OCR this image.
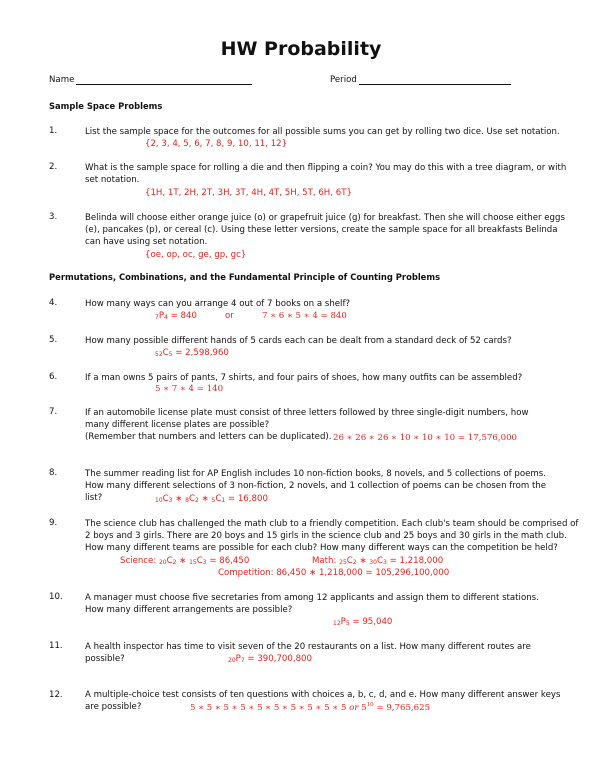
HW Probability
Name	Period
Sample Space Problems
1.	List the sample space for the outcomes for all possible sums you can get by rolling two dice. Use set notation.
{2, 3, 4, 5, 6, 7, 8, 9, 10, 11, 12}
2.	What is the sample space for rolling a die and then flipping a coin? You may do this with a tree diagram, or with set notation.
{1H, 1T, 2H, 2T, 3H, 3T, 4H, 4T, 5H, 5T, 6H, 6T}
3.	Belinda will choose either orange juice (o) or grapefruit juice (g) for breakfast. Then she will choose either eggs (e), pancakes (p), or cereal (c). Using these letter versions, create the sample space for all breakfasts Belinda can have using set notation.
{oe, op, oc, ge, gp, gc}
Permutations, Combinations, and the Fundamental Principle of Counting Problems
4.	How many ways can you arrange 4 out of 7 books on a shelf?
7P4 = 840	or	7 ∗ 6 ∗ 5 ∗ 4 = 840
5.	How many possible different hands of 5 cards each can be dealt from a standard deck of 52 cards?
52C5 = 2,598,960
6.	If a man owns 5 pairs of pants, 7 shirts, and four pairs of shoes, how many outfits can be assembled?
5 ∗ 7 ∗ 4 = 140
7.	If an automobile license plate must consist of three letters followed by three single-digit numbers, how many different license plates are possible?
(Remember that numbers and letters can be duplicated). 26 ∗ 26 ∗ 26 ∗ 10 ∗ 10 ∗ 10 = 17,576,000
8.	The summer reading list for AP English includes 10 non-fiction books, 8 novels, and 5 collections of poems. How many different selections of 3 non-fiction, 2 novels, and 1 collection of poems can be chosen from the list?	10C3 ∗ 8C2 ∗ 5C1 = 16,800
9.	The science club has challenged the math club to a friendly competition. Each club's team should be comprised of 2 boys and 3 girls. There are 20 boys and 15 girls in the science club and 25 boys and 30 girls in the math club. How many different teams are possible for each club? How many different ways can the competition be held?
Science: 20C2 ∗ 15C3 = 86,450	Math: 25C2 ∗ 30C3 = 1,218,000
Competition: 86,450 ∗ 1,218,000 = 105,296,100,000
10.	A manager must choose five secretaries from among 12 applicants and assign them to different stations. How many different arrangements are possible?
12P5 = 95,040
11.	A health inspector has time to visit seven of the 20 restaurants on a list. How many different routes are possible?	20P7 = 390,700,800
12.	A multiple-choice test consists of ten questions with choices a, b, c, d, and e. How many different answer keys
are possible?	5 ∗ 5 ∗ 5 ∗ 5 ∗ 5 ∗ 5 ∗ 5 ∗ 5 ∗ 5 ∗ 5 or $5^{10} = 9,765,625$
